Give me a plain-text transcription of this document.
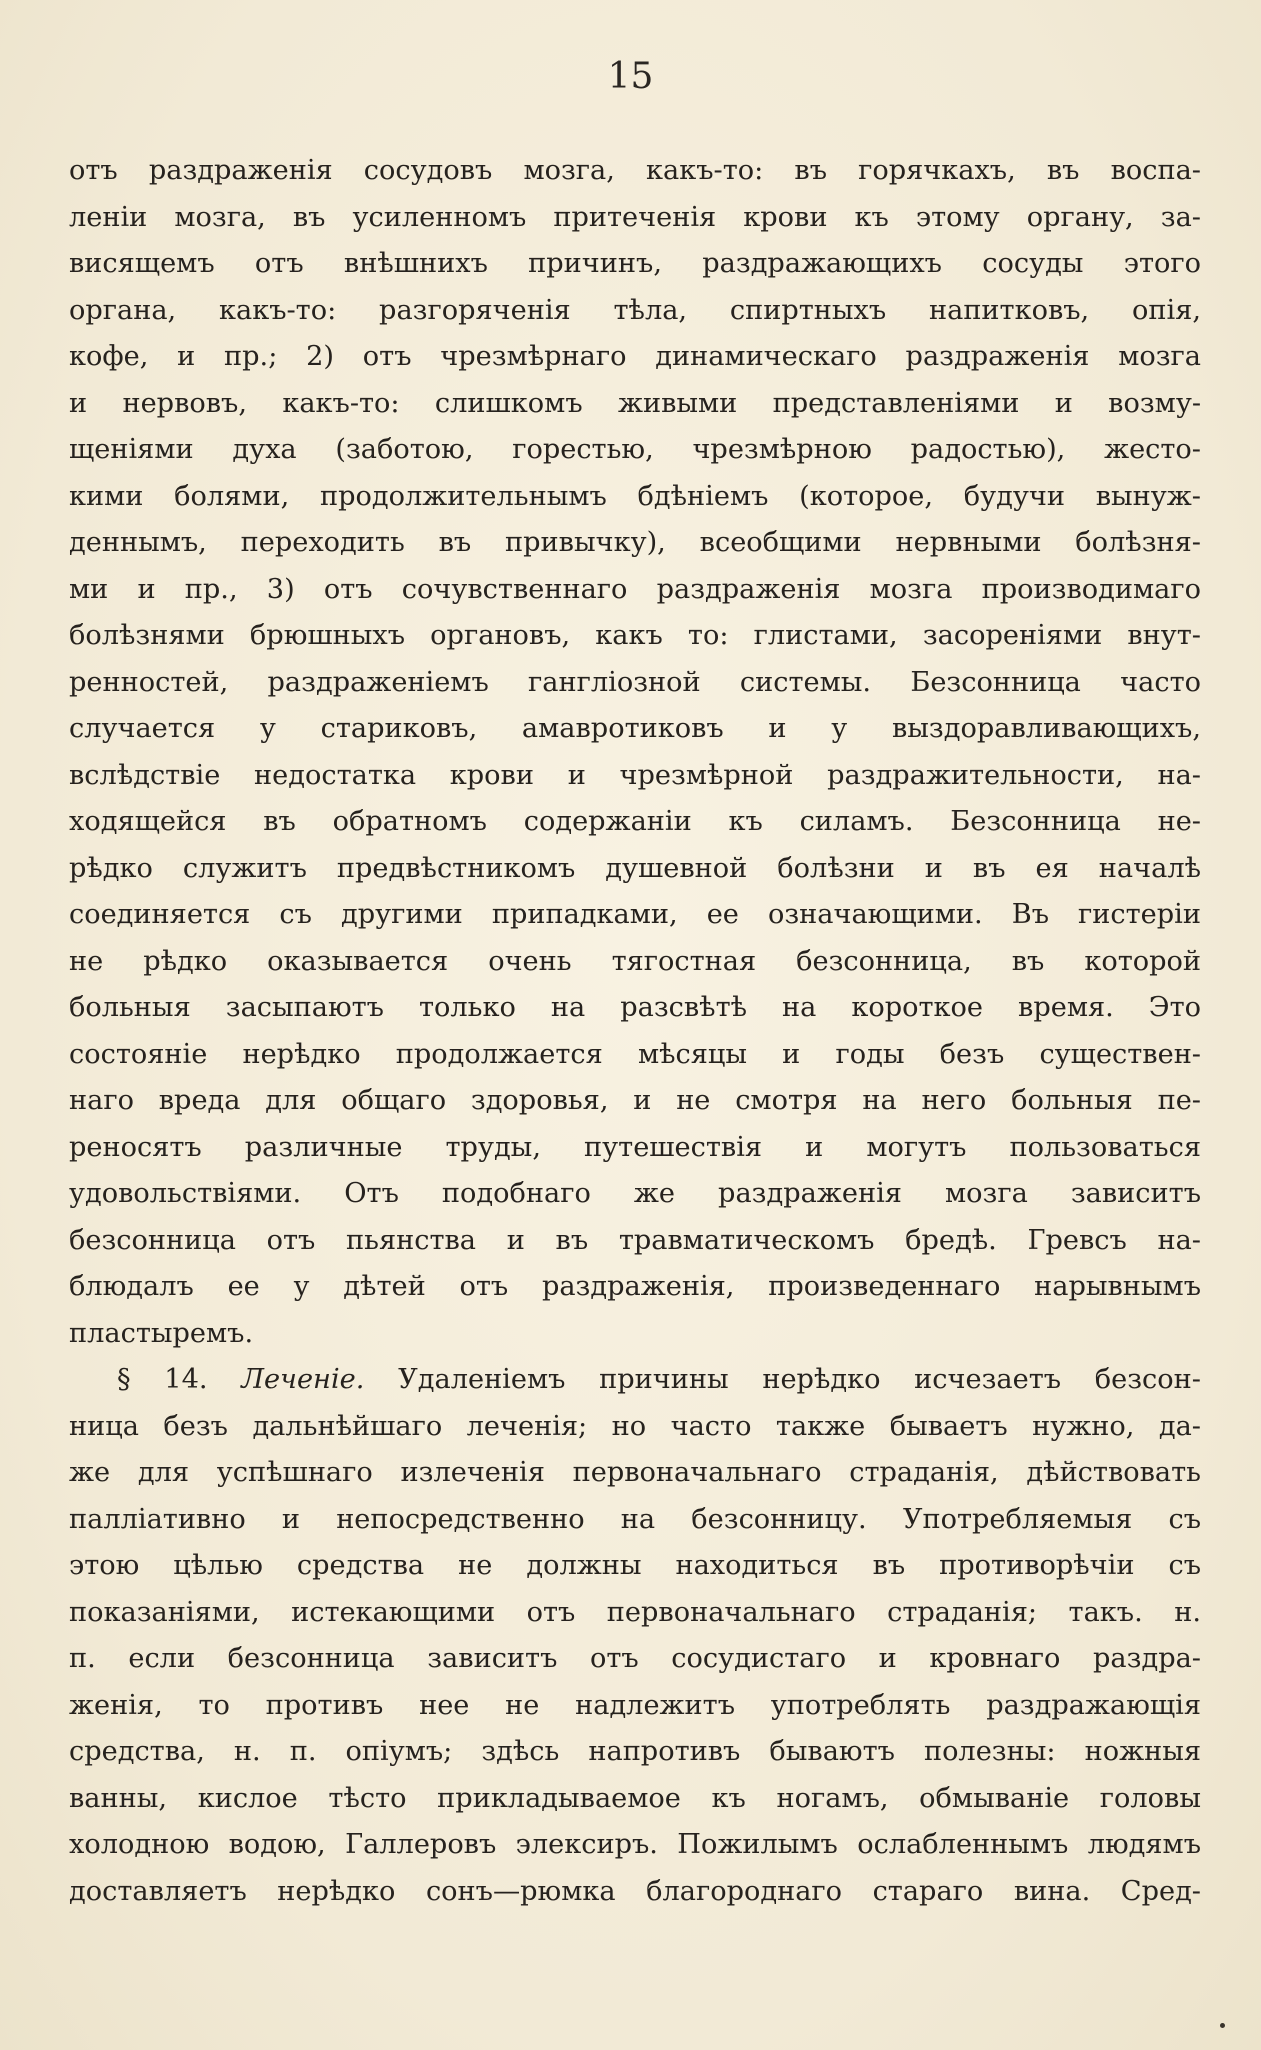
15
отъ раздраженія сосудовъ мозга, какъ-то: въ горячкахъ, въ воспа-
леніи мозга, въ усиленномъ притеченія крови къ этому органу, за-
висящемъ отъ внѣшнихъ причинъ, раздражающихъ сосуды этого
органа, какъ-то: разгоряченія тѣла, спиртныхъ напитковъ, опія,
кофе, и пр.; 2) отъ чрезмѣрнаго динамическаго раздраженія мозга
и нервовъ, какъ-то: слишкомъ живыми представленіями и возму-
щеніями духа (заботою, горестью, чрезмѣрною радостью), жесто-
кими болями, продолжительнымъ бдѣніемъ (которое, будучи вынуж-
деннымъ, переходить въ привычку), всеобщими нервными болѣзня-
ми и пр., 3) отъ сочувственнаго раздраженія мозга производимаго
болѣзнями брюшныхъ органовъ, какъ то: глистами, засореніями внут-
ренностей, раздраженіемъ ганглiозной системы. Безсонница часто
случается у стариковъ, амавротиковъ и у выздоравливающихъ,
вслѣдствіе недостатка крови и чрезмѣрной раздражительности, на-
ходящейся въ обратномъ содержаніи къ силамъ. Безсонница не-
рѣдко служитъ предвѣстникомъ душевной болѣзни и въ ея началѣ
соединяется съ другими припадками, ее означающими. Въ гистеріи
не рѣдко оказывается очень тягостная безсонница, въ которой
больныя засыпаютъ только на разсвѣтѣ на короткое время. Это
состояніе нерѣдко продолжается мѣсяцы и годы безъ существен-
наго вреда для общаго здоровья, и не смотря на него больныя пе-
реносятъ различные труды, путешествія и могутъ пользоваться
удовольствіями. Отъ подобнаго же раздраженія мозга зависитъ
безсонница отъ пьянства и въ травматическомъ бредѣ. Гревсъ на-
блюдалъ ее у дѣтей отъ раздраженія, произведеннаго нарывнымъ
пластыремъ.
§ 14. Леченіе. Удаленіемъ причины нерѣдко исчезаетъ безсон-
ница безъ дальнѣйшаго леченія; но часто также бываетъ нужно, да-
же для успѣшнаго излеченія первоначальнаго страданія, дѣйствовать
палліативно и непосредственно на безсонницу. Употребляемыя съ
этою цѣлью средства не должны находиться въ противорѣчіи съ
показаніями, истекающими отъ первоначальнаго страданія; такъ. н.
п. если безсонница зависитъ отъ сосудистаго и кровнаго раздра-
женія, то противъ нее не надлежитъ употреблять раздражающія
средства, н. п. опіумъ; здѣсь напротивъ бываютъ полезны: ножныя
ванны, кислое тѣсто прикладываемое къ ногамъ, обмываніе головы
холодною водою, Галлеровъ элексиръ. Пожилымъ ослабленнымъ людямъ
доставляетъ нерѣдко сонъ—рюмка благороднаго стараго вина. Сред-
